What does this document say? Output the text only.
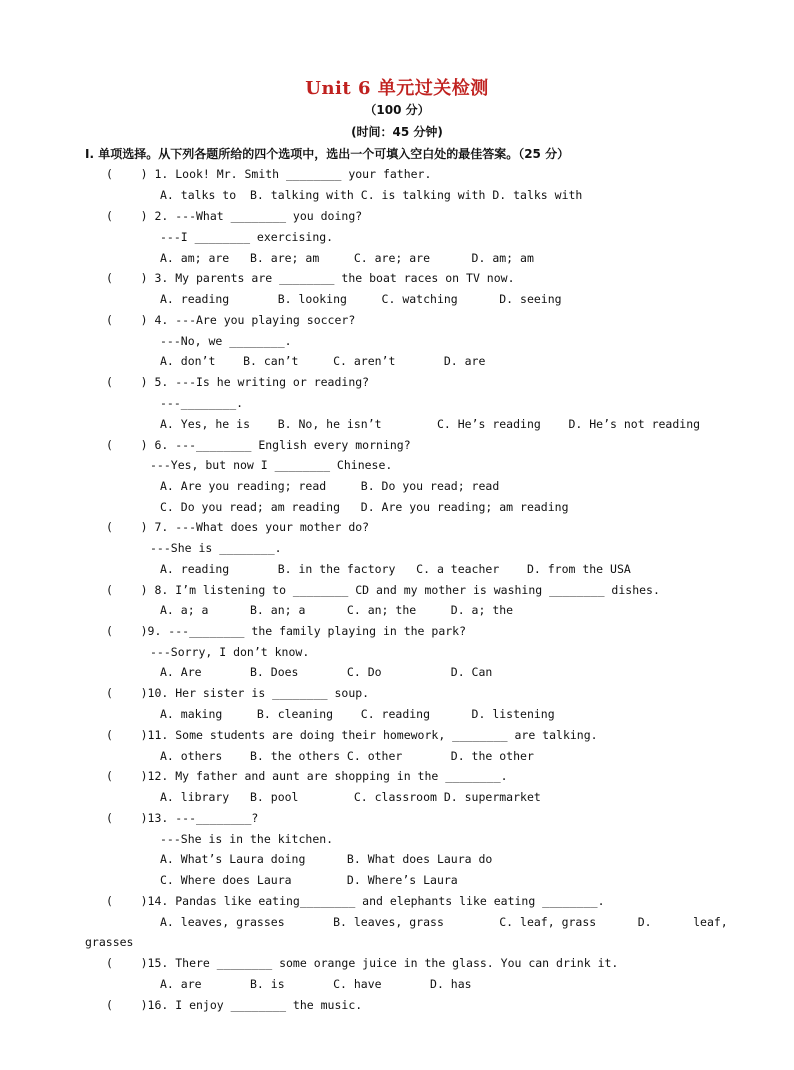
Unit 6 单元过关检测
（100 分）
(时间：45 分钟)
I. 单项选择。从下列各题所给的四个选项中，选出一个可填入空白处的最佳答案。（25 分）
(    ) 1. Look! Mr. Smith ________ your father.
A. talks to  B. talking with C. is talking with D. talks with
(    ) 2. ---What ________ you doing?
---I ________ exercising.
A. am; are   B. are; am     C. are; are      D. am; am
(    ) 3. My parents are ________ the boat races on TV now.
A. reading       B. looking     C. watching      D. seeing
(    ) 4. ---Are you playing soccer?
---No, we ________.
A. don’t    B. can’t     C. aren’t       D. are
(    ) 5. ---Is he writing or reading?
---________.
A. Yes, he is    B. No, he isn’t        C. He’s reading    D. He’s not reading
(    ) 6. ---________ English every morning?
---Yes, but now I ________ Chinese.
A. Are you reading; read     B. Do you read; read
C. Do you read; am reading   D. Are you reading; am reading
(    ) 7. ---What does your mother do?
---She is ________.
A. reading       B. in the factory   C. a teacher    D. from the USA
(    ) 8. I’m listening to ________ CD and my mother is washing ________ dishes.
A. a; a      B. an; a      C. an; the     D. a; the
(    )9. ---________ the family playing in the park?
---Sorry, I don’t know.
A. Are       B. Does       C. Do          D. Can
(    )10. Her sister is ________ soup.
A. making     B. cleaning    C. reading      D. listening
(    )11. Some students are doing their homework, ________ are talking.
A. others    B. the others C. other       D. the other
(    )12. My father and aunt are shopping in the ________.
A. library   B. pool        C. classroom D. supermarket
(    )13. ---________?
---She is in the kitchen.
A. What’s Laura doing      B. What does Laura do
C. Where does Laura        D. Where’s Laura
(    )14. Pandas like eating________ and elephants like eating ________.
A. leaves, grasses       B. leaves, grass        C. leaf, grass      D.      leaf,
grasses
(    )15. There ________ some orange juice in the glass. You can drink it.
A. are       B. is       C. have       D. has
(    )16. I enjoy ________ the music.
